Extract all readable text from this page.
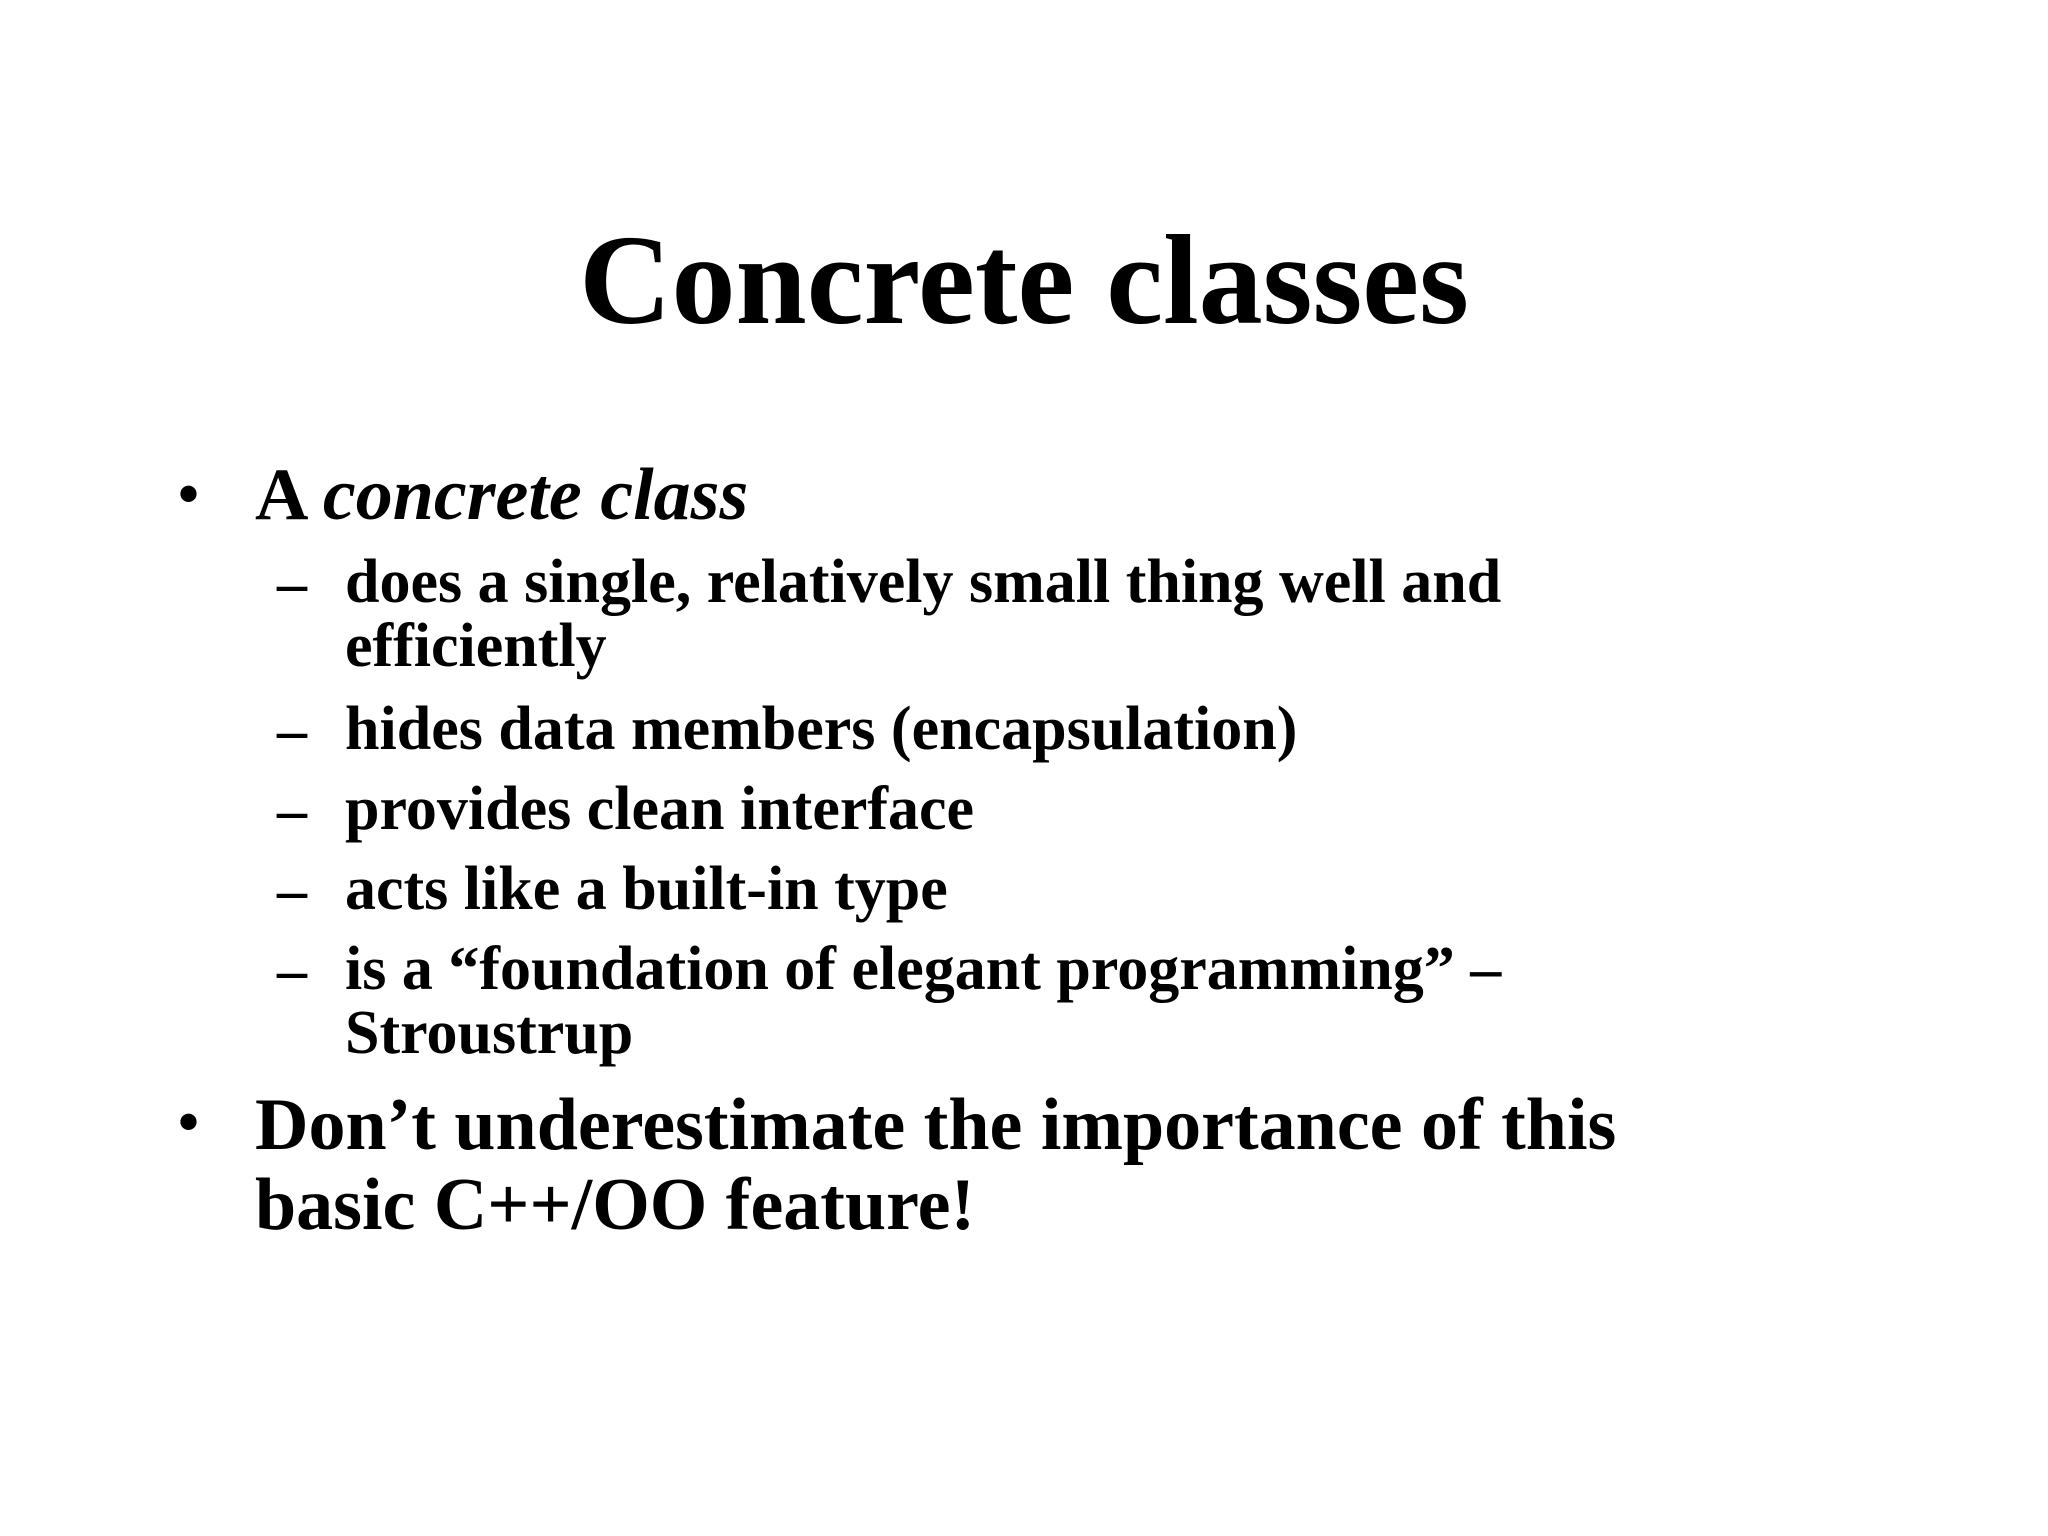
Concrete classes
• A concrete class
– does a single, relatively small thing well and
efficiently
– hides data members (encapsulation)
– provides clean interface
– acts like a built-in type
– is a “foundation of elegant programming” –
Stroustrup
• Don’t underestimate the importance of this
basic C++/OO feature!
